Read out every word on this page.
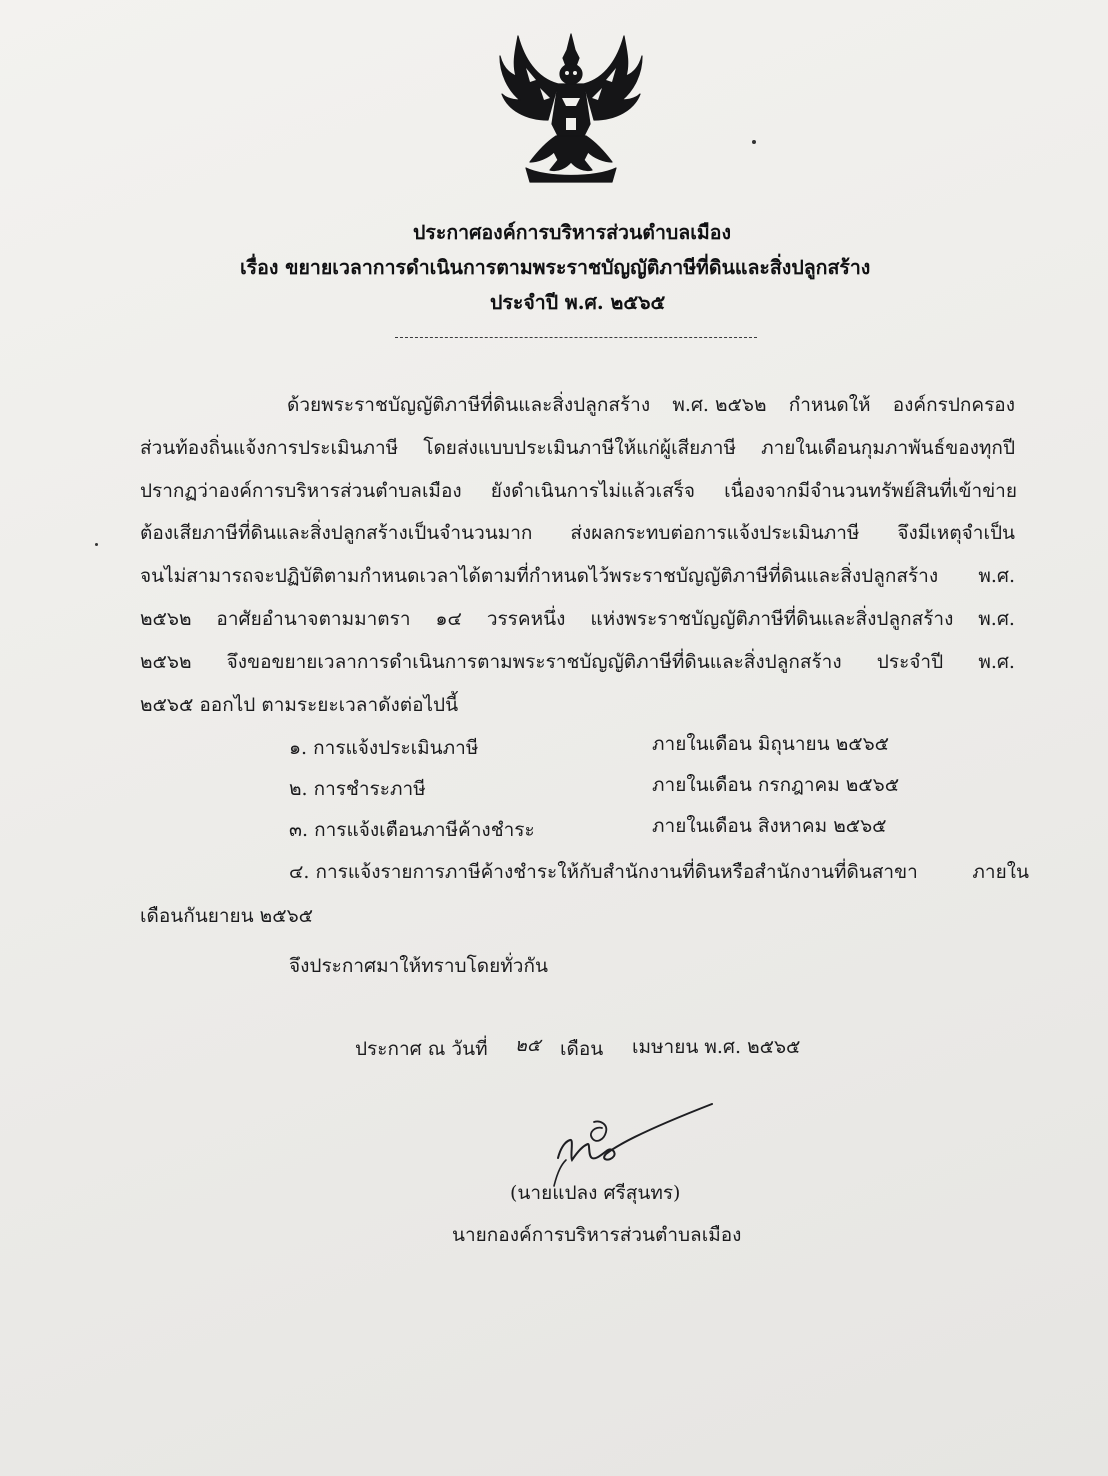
ประกาศองค์การบริหารส่วนตำบลเมือง
เรื่อง ขยายเวลาการดำเนินการตามพระราชบัญญัติภาษีที่ดินและสิ่งปลูกสร้าง
ประจำปี พ.ศ. ๒๕๖๕
ด้วยพระราชบัญญัติภาษีที่ดินและสิ่งปลูกสร้าง พ.ศ. ๒๕๖๒ กำหนดให้ องค์กรปกครอง
ส่วนท้องถิ่นแจ้งการประเมินภาษี โดยส่งแบบประเมินภาษีให้แก่ผู้เสียภาษี ภายในเดือนกุมภาพันธ์ของทุกปี
ปรากฏว่าองค์การบริหารส่วนตำบลเมือง ยังดำเนินการไม่แล้วเสร็จ เนื่องจากมีจำนวนทรัพย์สินที่เข้าข่าย
ต้องเสียภาษีที่ดินและสิ่งปลูกสร้างเป็นจำนวนมาก ส่งผลกระทบต่อการแจ้งประเมินภาษี จึงมีเหตุจำเป็น
จนไม่สามารถจะปฏิบัติตามกำหนดเวลาได้ตามที่กำหนดไว้พระราชบัญญัติภาษีที่ดินและสิ่งปลูกสร้าง พ.ศ.
๒๕๖๒ อาศัยอำนาจตามมาตรา ๑๔ วรรคหนึ่ง แห่งพระราชบัญญัติภาษีที่ดินและสิ่งปลูกสร้าง พ.ศ.
๒๕๖๒ จึงขอขยายเวลาการดำเนินการตามพระราชบัญญัติภาษีที่ดินและสิ่งปลูกสร้าง ประจำปี พ.ศ.
๒๕๖๕ ออกไป ตามระยะเวลาดังต่อไปนี้
๑. การแจ้งประเมินภาษี	ภายในเดือน มิถุนายน ๒๕๖๕
๒. การชำระภาษี	ภายในเดือน กรกฎาคม ๒๕๖๕
๓. การแจ้งเตือนภาษีค้างชำระ	ภายในเดือน สิงหาคม ๒๕๖๕
๔. การแจ้งรายการภาษีค้างชำระให้กับสำนักงานที่ดินหรือสำนักงานที่ดินสาขา	ภายใน
เดือนกันยายน ๒๕๖๕
จึงประกาศมาให้ทราบโดยทั่วกัน
ประกาศ ณ วันที่ ๒๕ เดือน เมษายน พ.ศ. ๒๕๖๕
(นายแปลง ศรีสุนทร)
นายกองค์การบริหารส่วนตำบลเมือง
